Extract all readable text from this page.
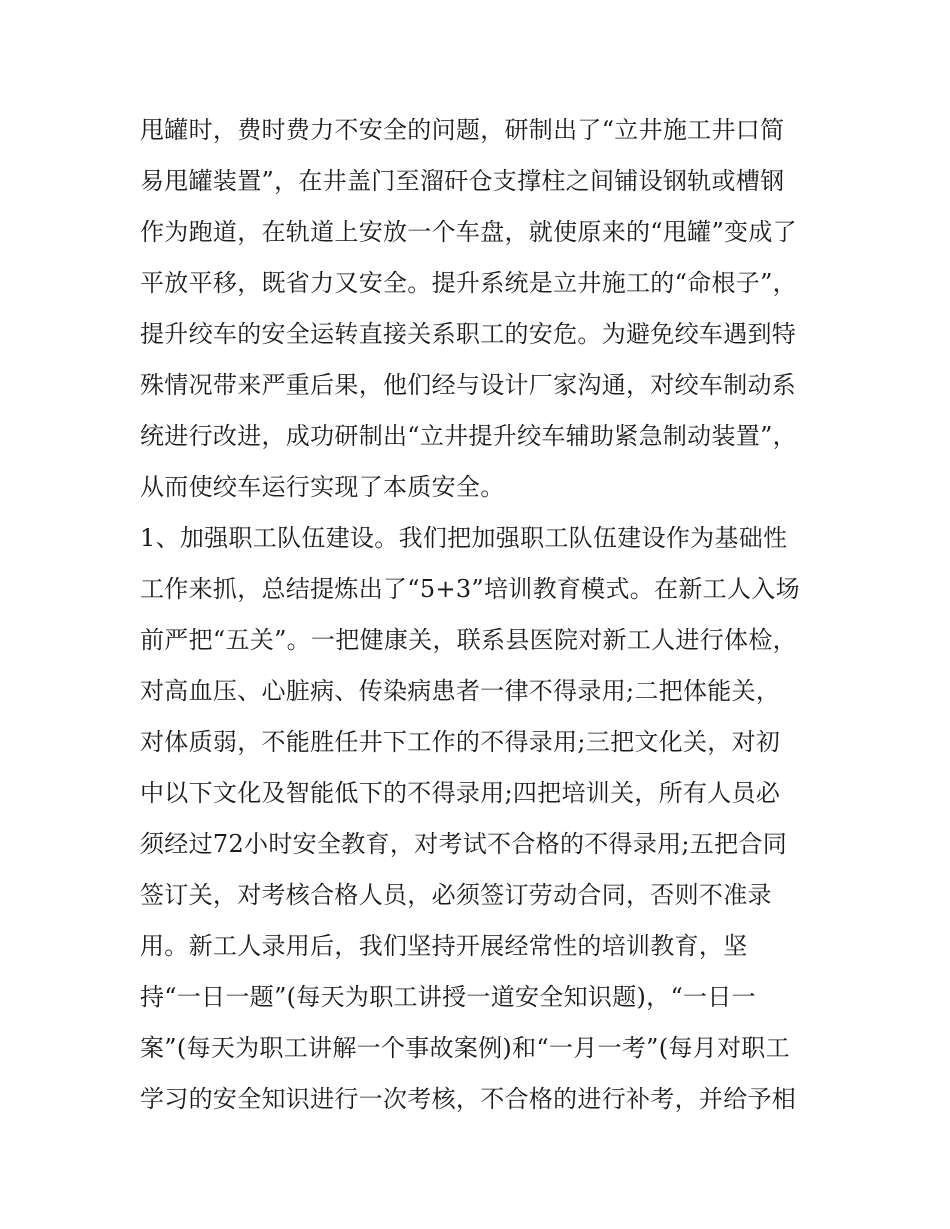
甩罐时，费时费力不安全的问题，研制出了“立井施工井口简
易甩罐装置”，在井盖门至溜矸仓支撑柱之间铺设钢轨或槽钢
作为跑道，在轨道上安放一个车盘，就使原来的“甩罐”变成了
平放平移，既省力又安全。提升系统是立井施工的“命根子”，
提升绞车的安全运转直接关系职工的安危。为避免绞车遇到特
殊情况带来严重后果，他们经与设计厂家沟通，对绞车制动系
统进行改进，成功研制出“立井提升绞车辅助紧急制动装置”，
从而使绞车运行实现了本质安全。
1、加强职工队伍建设。我们把加强职工队伍建设作为基础性
工作来抓，总结提炼出了“5+3”培训教育模式。在新工人入场
前严把“五关”。一把健康关，联系县医院对新工人进行体检，
对高血压、心脏病、传染病患者一律不得录用;二把体能关，
对体质弱，不能胜任井下工作的不得录用;三把文化关，对初
中以下文化及智能低下的不得录用;四把培训关，所有人员必
须经过72小时安全教育，对考试不合格的不得录用;五把合同
签订关，对考核合格人员，必须签订劳动合同，否则不准录
用。新工人录用后，我们坚持开展经常性的培训教育，坚
持“一日一题”(每天为职工讲授一道安全知识题)，“一日一
案”(每天为职工讲解一个事故案例)和“一月一考”(每月对职工
学习的安全知识进行一次考核，不合格的进行补考，并给予相
